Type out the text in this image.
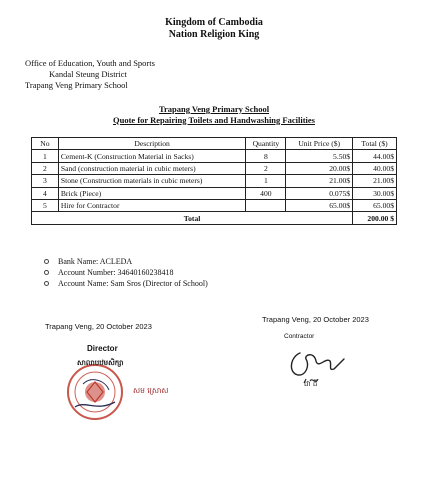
Kingdom of Cambodia
Nation Religion King
Office of Education, Youth and Sports
Kandal Steung District
Trapang Veng Primary School
Trapang Veng Primary School
Quote for Repairing Toilets and Handwashing Facilities
No	Description	Quantity	Unit Price ($)	Total ($)
1	Cement-K (Construction Material in Sacks)	8	5.50$	44.00$
2	Sand (construction material in cubic meters)	2	20.00$	40.00$
3	Stone (Construction materials in cubic meters)	1	21.00$	21.00$
4	Brick (Piece)	400	0.075$	30.00$
5	Hire for Contractor		65.00$	65.00$
Total				200.00 $
Bank Name: ACLEDA
Account Number: 34640160238418
Account Name: Sam Sros (Director of School)
Trapang Veng, 20 October 2023
Director
សាលាបឋមសិក្សា
សម ស្រោស
Trapang Veng, 20 October 2023
Contractor
ជា ដី
